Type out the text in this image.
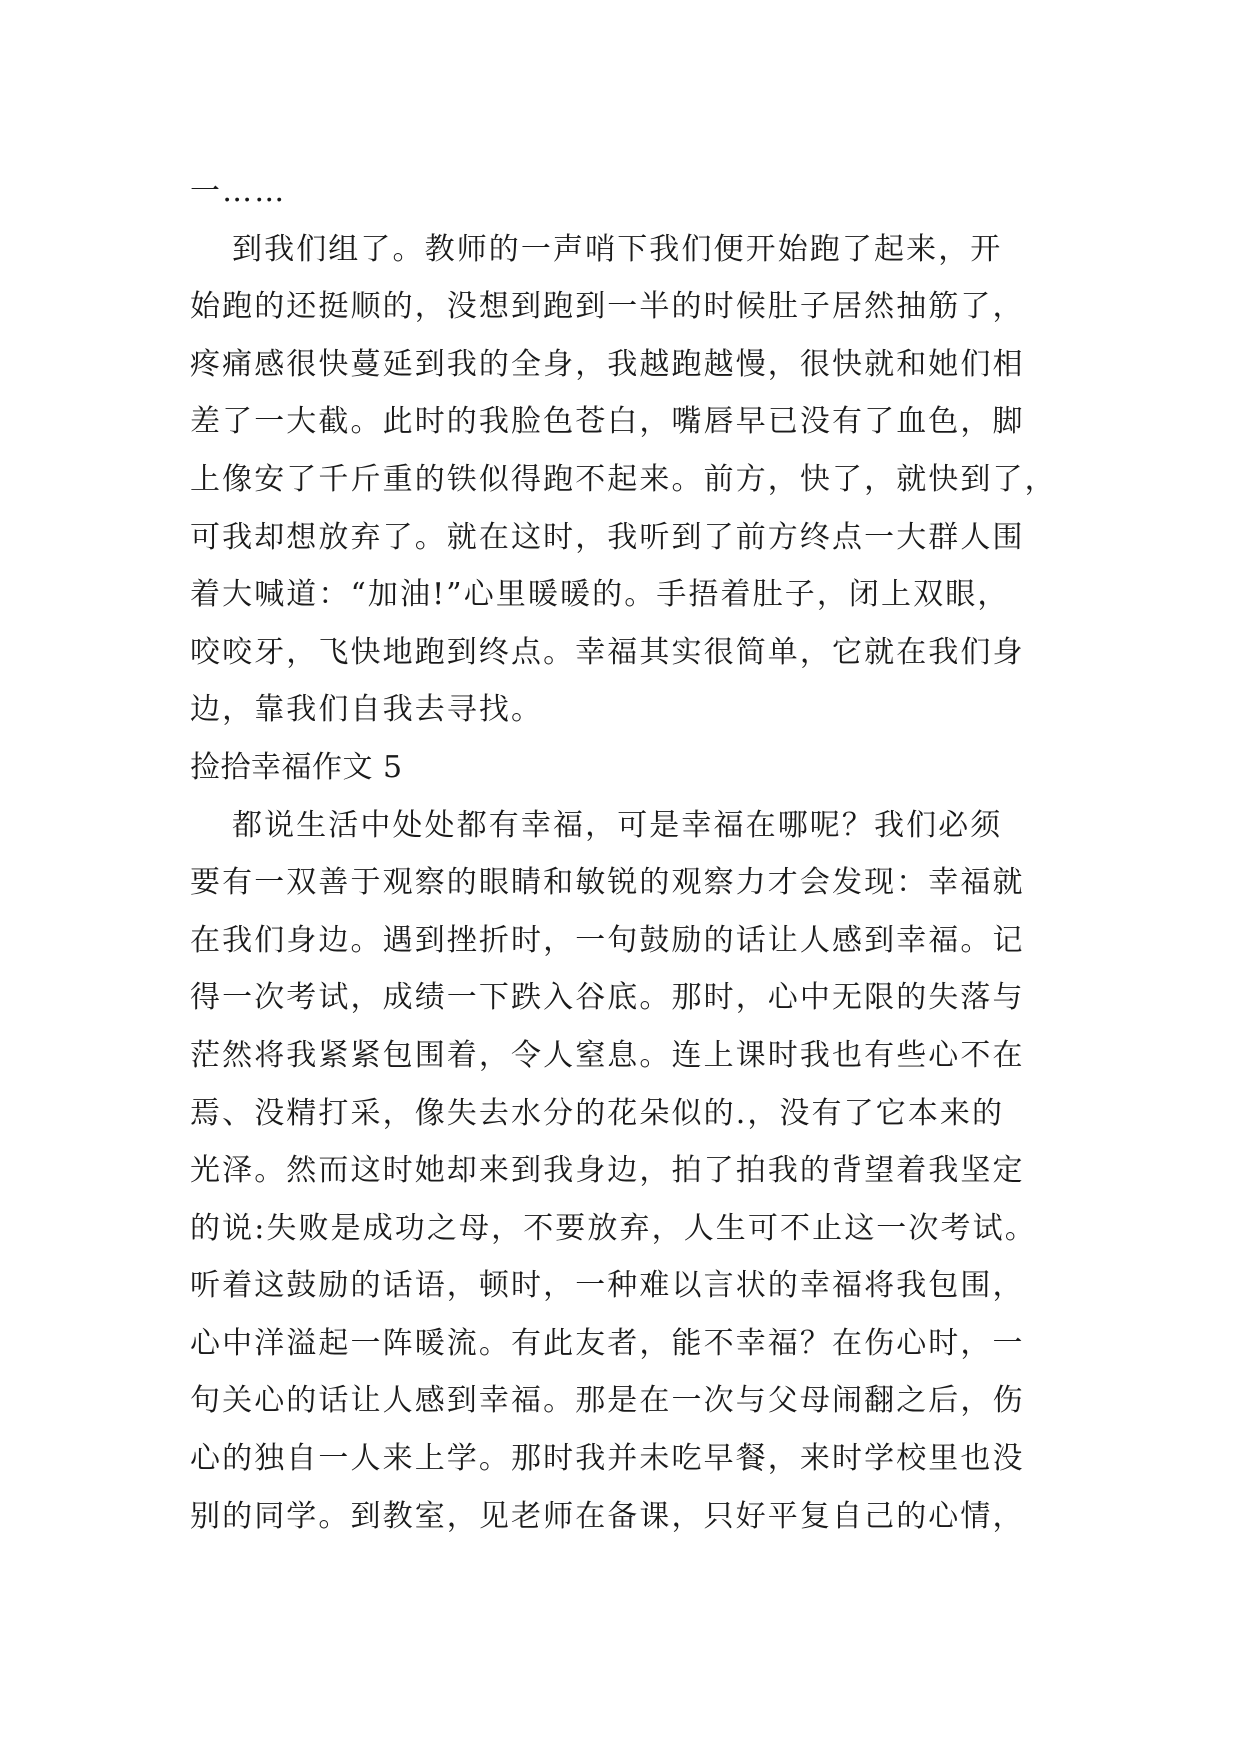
一……
到我们组了。教师的一声哨下我们便开始跑了起来，开
始跑的还挺顺的，没想到跑到一半的时候肚子居然抽筋了，
疼痛感很快蔓延到我的全身，我越跑越慢，很快就和她们相
差了一大截。此时的我脸色苍白，嘴唇早已没有了血色，脚
上像安了千斤重的铁似得跑不起来。前方，快了，就快到了，
可我却想放弃了。就在这时，我听到了前方终点一大群人围
着大喊道：“加油!”心里暖暖的。手捂着肚子，闭上双眼，
咬咬牙，飞快地跑到终点。幸福其实很简单，它就在我们身
边，靠我们自我去寻找。
捡拾幸福作文 5
都说生活中处处都有幸福，可是幸福在哪呢？我们必须
要有一双善于观察的眼睛和敏锐的观察力才会发现：幸福就
在我们身边。遇到挫折时，一句鼓励的话让人感到幸福。记
得一次考试，成绩一下跌入谷底。那时，心中无限的失落与
茫然将我紧紧包围着，令人窒息。连上课时我也有些心不在
焉、没精打采，像失去水分的花朵似的.，没有了它本来的
光泽。然而这时她却来到我身边，拍了拍我的背望着我坚定
的说:失败是成功之母，不要放弃，人生可不止这一次考试。
听着这鼓励的话语，顿时，一种难以言状的幸福将我包围，
心中洋溢起一阵暖流。有此友者，能不幸福？在伤心时，一
句关心的话让人感到幸福。那是在一次与父母闹翻之后，伤
心的独自一人来上学。那时我并未吃早餐，来时学校里也没
别的同学。到教室，见老师在备课，只好平复自己的心情，
